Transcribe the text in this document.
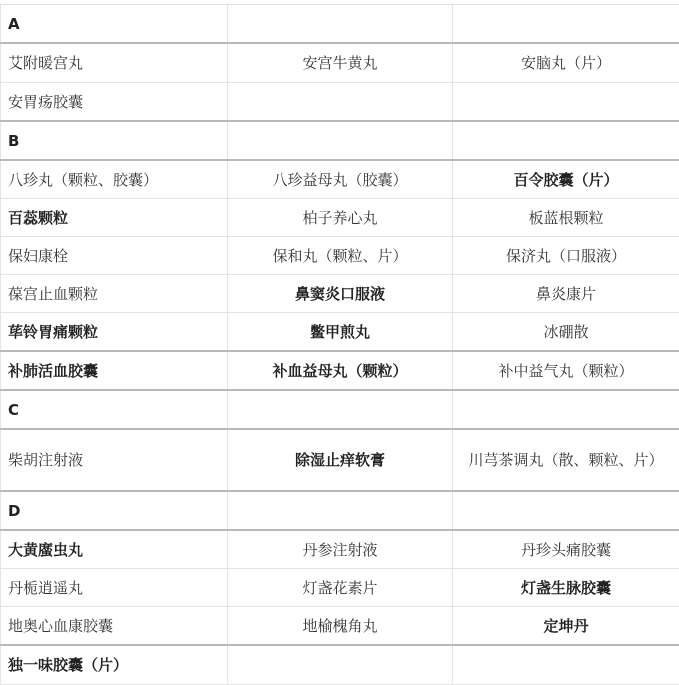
A		
艾附暖宫丸	安宫牛黄丸	安脑丸（片）
安胃疡胶囊		
B		
八珍丸（颗粒、胶囊）	八珍益母丸（胶囊）	百令胶囊（片）
百蕊颗粒	柏子养心丸	板蓝根颗粒
保妇康栓	保和丸（颗粒、片）	保济丸（口服液）
葆宫止血颗粒	鼻窦炎口服液	鼻炎康片
荜铃胃痛颗粒	鳖甲煎丸	冰硼散
补肺活血胶囊	补血益母丸（颗粒）	补中益气丸（颗粒）
C		
柴胡注射液	除湿止痒软膏	川芎茶调丸（散、颗粒、片）
D		
大黄䗪虫丸	丹参注射液	丹珍头痛胶囊
丹栀逍遥丸	灯盏花素片	灯盏生脉胶囊
地奥心血康胶囊	地榆槐角丸	定坤丹
独一味胶囊（片）		
